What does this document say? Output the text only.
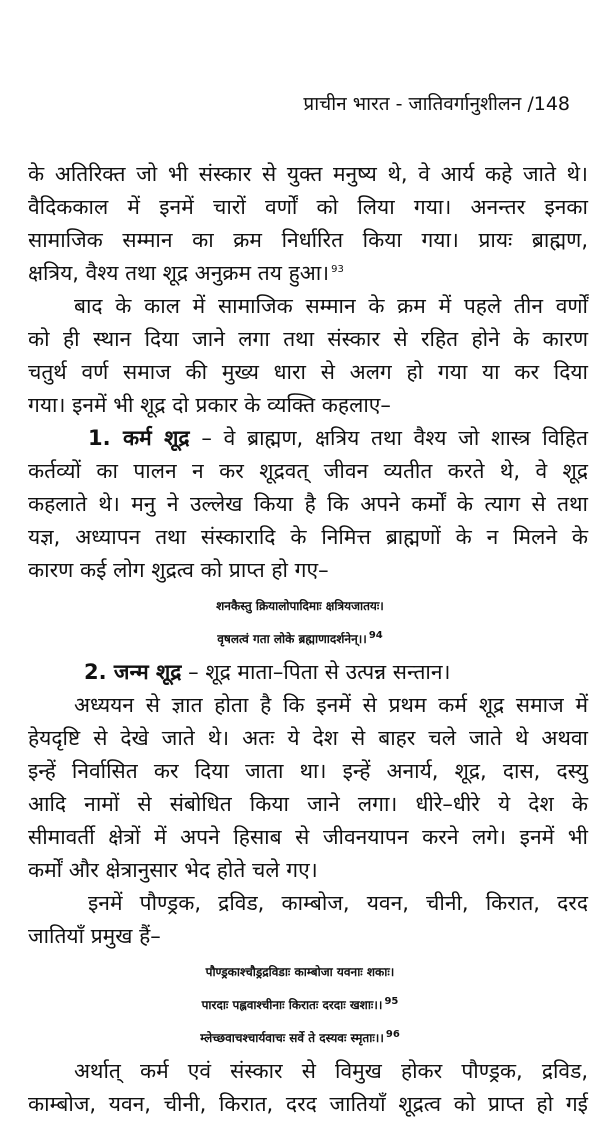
प्राचीन भारत - जातिवर्गानुशीलन /148
के अतिरिक्त जो भी संस्कार से युक्त मनुष्य थे, वे आर्य कहे जाते थे।
वैदिककाल में इनमें चारों वर्णों को लिया गया। अनन्तर इनका
सामाजिक सम्मान का क्रम निर्धारित किया गया। प्रायः ब्राह्मण,
क्षत्रिय, वैश्य तथा शूद्र अनुक्रम तय हुआ। $^{93}$
बाद के काल में सामाजिक सम्मान के क्रम में पहले तीन वर्णों
को ही स्थान दिया जाने लगा तथा संस्कार से रहित होने के कारण
चतुर्थ वर्ण समाज की मुख्य धारा से अलग हो गया या कर दिया
गया। इनमें भी शूद्र दो प्रकार के व्यक्ति कहलाए–
1. कर्म शूद्र – वे ब्राह्मण, क्षत्रिय तथा वैश्य जो शास्त्र विहित
कर्तव्यों का पालन न कर शूद्रवत् जीवन व्यतीत करते थे, वे शूद्र
कहलाते थे। मनु ने उल्लेख किया है कि अपने कर्मों के त्याग से तथा
यज्ञ, अध्यापन तथा संस्कारादि के निमित्त ब्राह्मणों के न मिलने के
कारण कई लोग शुद्रत्व को प्राप्त हो गए–
शनकैस्तु क्रियालोपादिमाः क्षत्रियजातयः।
वृषलत्वं गता लोके ब्रह्माणादर्शनेन्।। $^{94}$
2. जन्म शूद्र – शूद्र माता–पिता से उत्पन्न सन्तान।
अध्ययन से ज्ञात होता है कि इनमें से प्रथम कर्म शूद्र समाज में
हेयदृष्टि से देखे जाते थे। अतः ये देश से बाहर चले जाते थे अथवा
इन्हें निर्वासित कर दिया जाता था। इन्हें अनार्य, शूद्र, दास, दस्यु
आदि नामों से संबोधित किया जाने लगा। धीरे–धीरे ये देश के
सीमावर्ती क्षेत्रों में अपने हिसाब से जीवनयापन करने लगे। इनमें भी
कर्मों और क्षेत्रानुसार भेद होते चले गए।
इनमें पौण्ड्रक, द्रविड, काम्बोज, यवन, चीनी, किरात, दरद
जातियाँ प्रमुख हैं–
पौण्ड्रकाश्चौड्रद्रविडाः काम्बोजा यवनाः शकाः।
पारदाः पह्लवाश्चीनाः किरातः दरदाः खशाः।। $^{95}$
म्लेच्छवाचश्चार्यवाचः सर्वे ते दस्यवः स्मृताः।। $^{96}$
अर्थात् कर्म एवं संस्कार से विमुख होकर पौण्ड्रक, द्रविड,
काम्बोज, यवन, चीनी, किरात, दरद जातियाँ शूद्रत्व को प्राप्त हो गई
